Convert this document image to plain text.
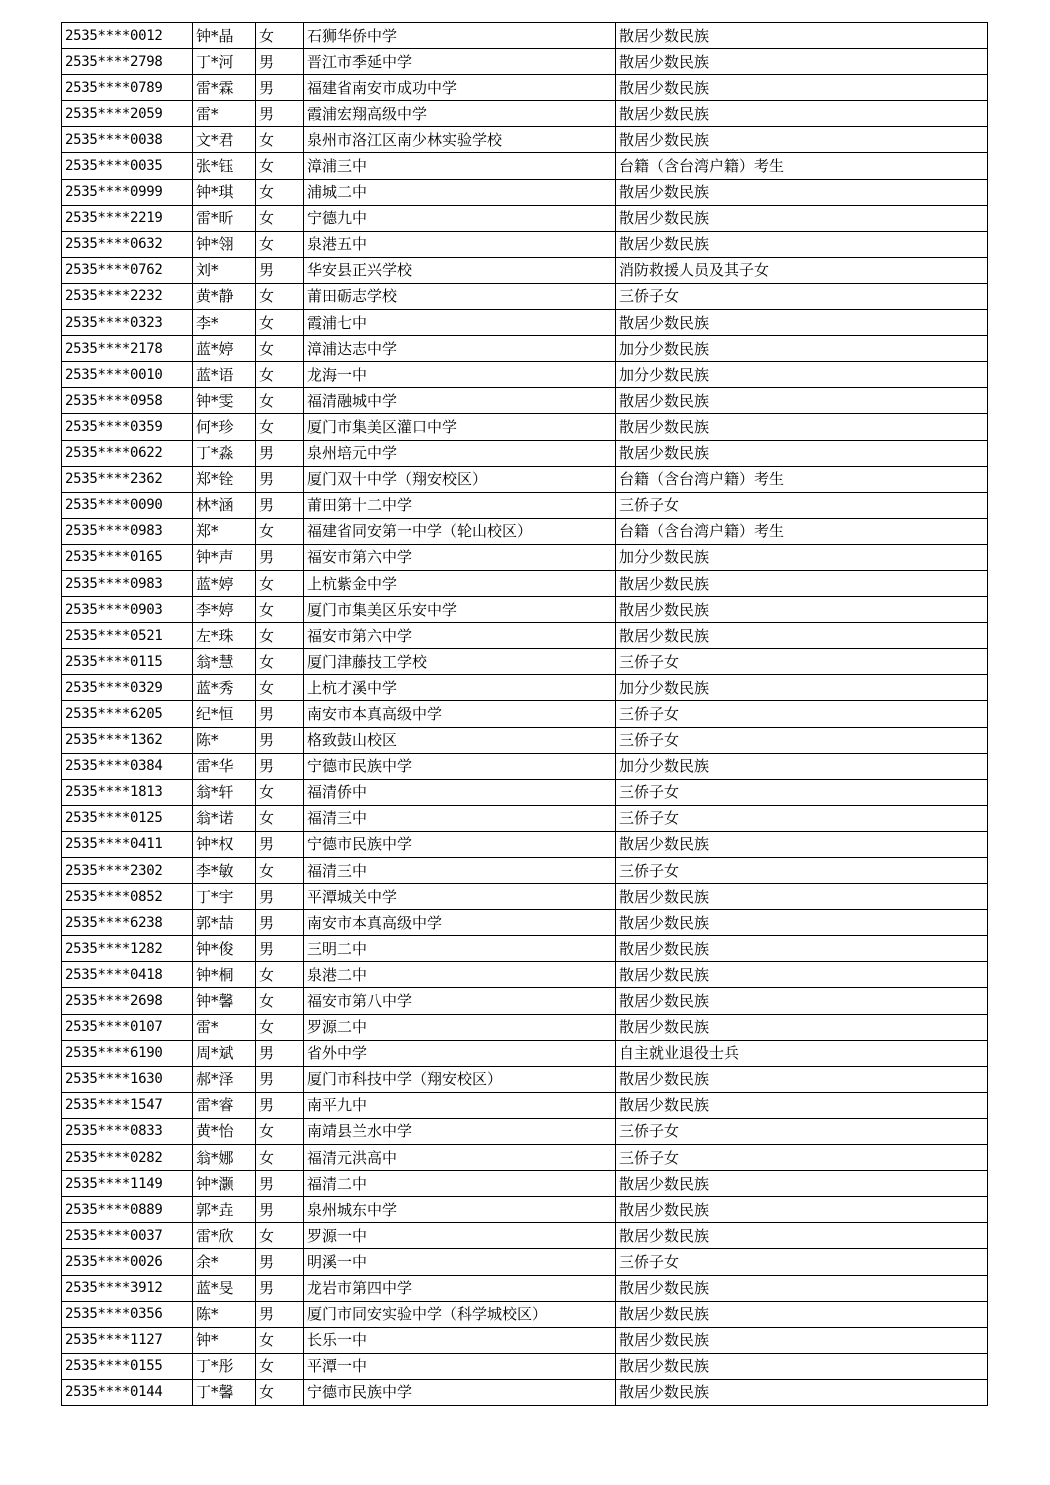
2535****0012	钟*晶	女	石狮华侨中学	散居少数民族
2535****2798	丁*河	男	晋江市季延中学	散居少数民族
2535****0789	雷*霖	男	福建省南安市成功中学	散居少数民族
2535****2059	雷*	男	霞浦宏翔高级中学	散居少数民族
2535****0038	文*君	女	泉州市洛江区南少林实验学校	散居少数民族
2535****0035	张*钰	女	漳浦三中	台籍（含台湾户籍）考生
2535****0999	钟*琪	女	浦城二中	散居少数民族
2535****2219	雷*昕	女	宁德九中	散居少数民族
2535****0632	钟*翎	女	泉港五中	散居少数民族
2535****0762	刘*	男	华安县正兴学校	消防救援人员及其子女
2535****2232	黄*静	女	莆田砺志学校	三侨子女
2535****0323	李*	女	霞浦七中	散居少数民族
2535****2178	蓝*婷	女	漳浦达志中学	加分少数民族
2535****0010	蓝*语	女	龙海一中	加分少数民族
2535****0958	钟*雯	女	福清融城中学	散居少数民族
2535****0359	何*珍	女	厦门市集美区灌口中学	散居少数民族
2535****0622	丁*淼	男	泉州培元中学	散居少数民族
2535****2362	郑*铨	男	厦门双十中学（翔安校区）	台籍（含台湾户籍）考生
2535****0090	林*涵	男	莆田第十二中学	三侨子女
2535****0983	郑*	女	福建省同安第一中学（轮山校区）	台籍（含台湾户籍）考生
2535****0165	钟*声	男	福安市第六中学	加分少数民族
2535****0983	蓝*婷	女	上杭紫金中学	散居少数民族
2535****0903	李*婷	女	厦门市集美区乐安中学	散居少数民族
2535****0521	左*珠	女	福安市第六中学	散居少数民族
2535****0115	翁*慧	女	厦门津藤技工学校	三侨子女
2535****0329	蓝*秀	女	上杭才溪中学	加分少数民族
2535****6205	纪*恒	男	南安市本真高级中学	三侨子女
2535****1362	陈*	男	格致鼓山校区	三侨子女
2535****0384	雷*华	男	宁德市民族中学	加分少数民族
2535****1813	翁*轩	女	福清侨中	三侨子女
2535****0125	翁*诺	女	福清三中	三侨子女
2535****0411	钟*权	男	宁德市民族中学	散居少数民族
2535****2302	李*敏	女	福清三中	三侨子女
2535****0852	丁*宇	男	平潭城关中学	散居少数民族
2535****6238	郭*喆	男	南安市本真高级中学	散居少数民族
2535****1282	钟*俊	男	三明二中	散居少数民族
2535****0418	钟*桐	女	泉港二中	散居少数民族
2535****2698	钟*馨	女	福安市第八中学	散居少数民族
2535****0107	雷*	女	罗源二中	散居少数民族
2535****6190	周*斌	男	省外中学	自主就业退役士兵
2535****1630	郝*泽	男	厦门市科技中学（翔安校区）	散居少数民族
2535****1547	雷*睿	男	南平九中	散居少数民族
2535****0833	黄*怡	女	南靖县兰水中学	三侨子女
2535****0282	翁*娜	女	福清元洪高中	三侨子女
2535****1149	钟*灏	男	福清二中	散居少数民族
2535****0889	郭*垚	男	泉州城东中学	散居少数民族
2535****0037	雷*欣	女	罗源一中	散居少数民族
2535****0026	余*	男	明溪一中	三侨子女
2535****3912	蓝*旻	男	龙岩市第四中学	散居少数民族
2535****0356	陈*	男	厦门市同安实验中学（科学城校区）	散居少数民族
2535****1127	钟*	女	长乐一中	散居少数民族
2535****0155	丁*彤	女	平潭一中	散居少数民族
2535****0144	丁*馨	女	宁德市民族中学	散居少数民族
